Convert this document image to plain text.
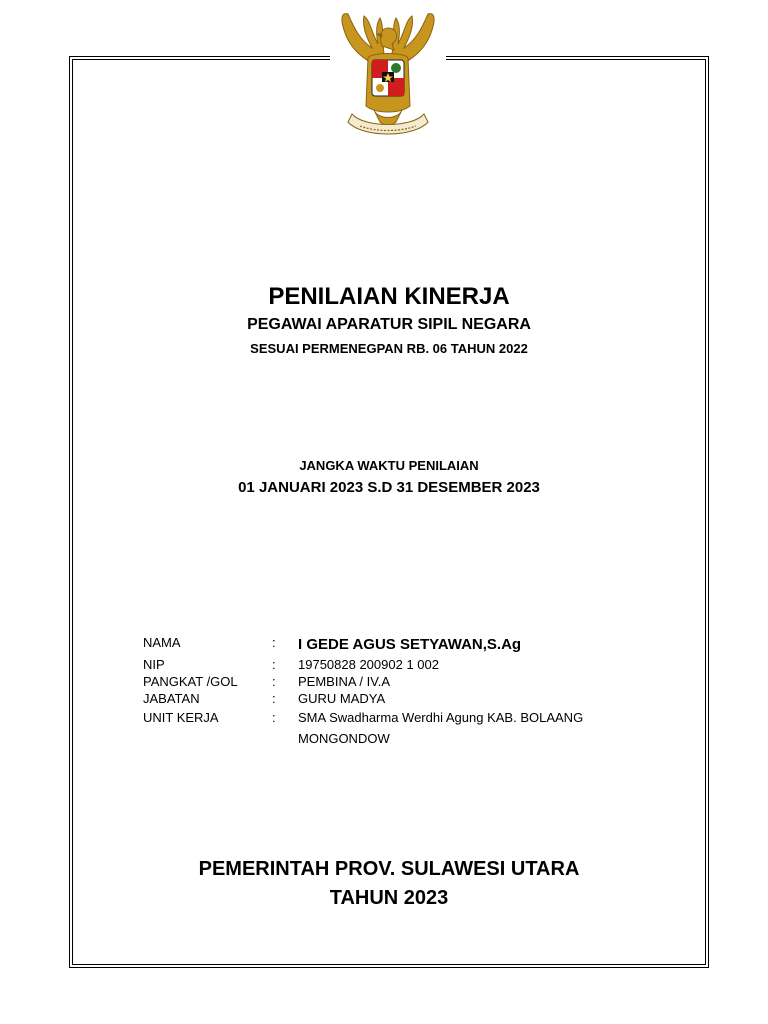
PENILAIAN KINERJA
PEGAWAI APARATUR SIPIL NEGARA
SESUAI PERMENEGPAN RB. 06 TAHUN 2022
JANGKA WAKTU PENILAIAN
01 JANUARI 2023 S.D 31 DESEMBER 2023
NAMA	: I GEDE AGUS SETYAWAN,S.Ag
NIP	: 19750828 200902 1 002
PANGKAT /GOL	: PEMBINA / IV.A
JABATAN	: GURU MADYA
UNIT KERJA	: SMA Swadharma Werdhi Agung KAB. BOLAANG
MONGONDOW
PEMERINTAH PROV. SULAWESI UTARA
TAHUN 2023
